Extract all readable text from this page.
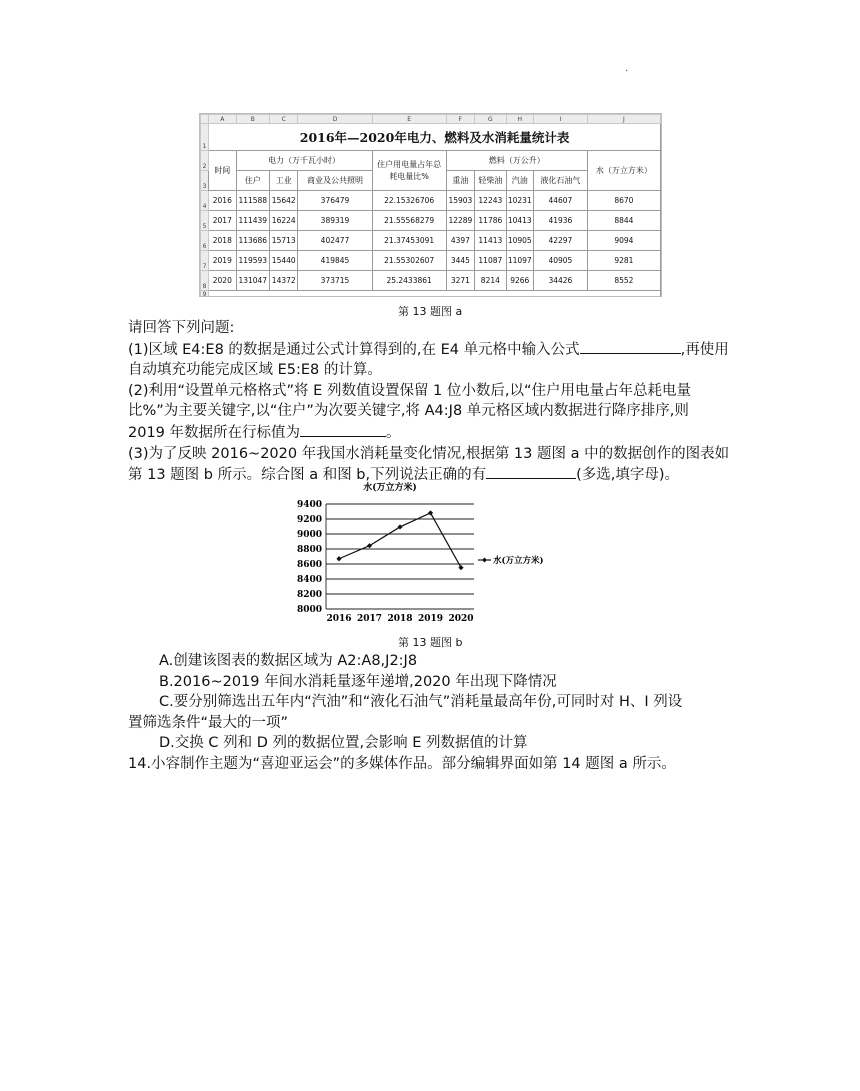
·
	A	B	C	D	E	F	G	H	I	J
1	2016年—2020年电力、燃料及水消耗量统计表									
2	时间	电力（万千瓦小时）			住户用电量占年总耗电量比%	燃料（万公升）				水（万立方米）
3		住户	工业	商业及公共照明		重油	轻柴油	汽油	液化石油气	
4	2016	111588	15642	376479	22.15326706	15903	12243	10231	44607	8670
5	2017	111439	16224	389319	21.55568279	12289	11786	10413	41936	8844
6	2018	113686	15713	402477	21.37453091	4397	11413	10905	42297	9094
7	2019	119593	15440	419845	21.55302607	3445	11087	11097	40905	9281
8	2020	131047	14372	373715	25.2433861	3271	8214	9266	34426	8552
9										
第 13 题图 a

请回答下列问题:

(1)区域 E4:E8 的数据是通过公式计算得到的,在 E4 单元格中输入公式	,再使用

自动填充功能完成区域 E5:E8 的计算。

(2)利用“设置单元格格式”将 E 列数值设置保留 1 位小数后,以“住户用电量占年总耗电量

比%”为主要关键字,以“住户”为次要关键字,将 A4:J8 单元格区域内数据进行降序排序,则

2019 年数据所在行标值为	。

(3)为了反映 2016~2020 年我国水消耗量变化情况,根据第 13 题图 a 中的数据创作的图表如

第 13 题图 b 所示。综合图 a 和图 b,下列说法正确的有	(多选,填字母)。

水(万立方米)
8000
8200
8400
8600
8800
9000
9200
9400
2016 2017 2018 2019 2020
水(万立方米)
第 13 题图 b

A.创建该图表的数据区域为 A2:A8,J2:J8

B.2016~2019 年间水消耗量逐年递增,2020 年出现下降情况

C.要分别筛选出五年内“汽油”和“液化石油气”消耗量最高年份,可同时对 H、I 列设

置筛选条件“最大的一项”

D.交换 C 列和 D 列的数据位置,会影响 E 列数据值的计算

14.小容制作主题为“喜迎亚运会”的多媒体作品。部分编辑界面如第 14 题图 a 所示。
